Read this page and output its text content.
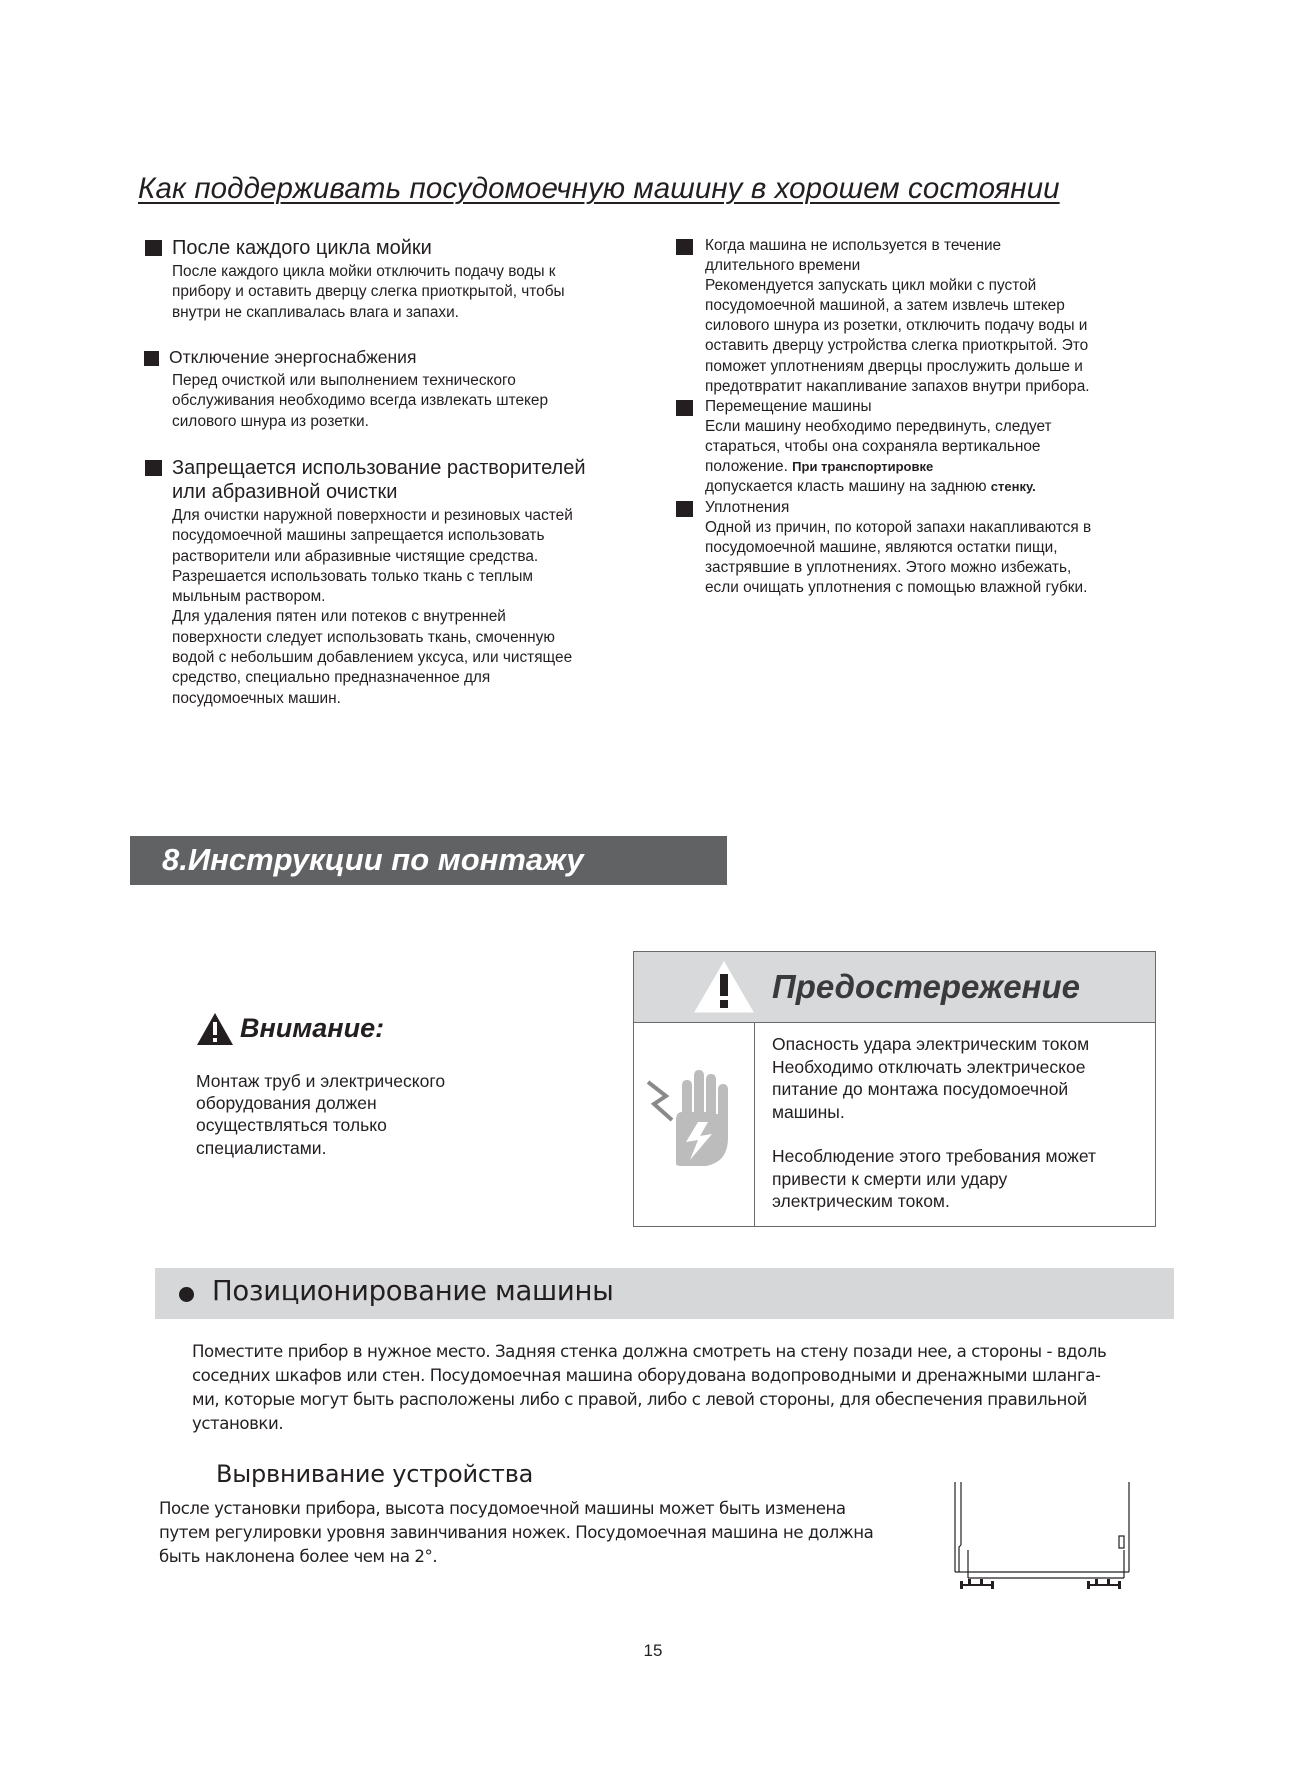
Как поддерживать посудомоечную машину в хорошем состоянии
После каждого цикла мойки

После каждого цикла мойки отключить подачу воды к

прибору и оставить дверцу слегка приоткрытой, чтобы

внутри не скапливалась влага и запахи.

Отключение энергоснабжения

Перед очисткой или выполнением технического

обслуживания необходимо всегда извлекать штекер

силового шнура из розетки.

Запрещается использование растворителей
или абразивной очистки

Для очистки наружной поверхности и резиновых частей

посудомоечной машины запрещается использовать

растворители или абразивные чистящие средства.

Разрешается использовать только ткань с теплым

мыльным раствором.

Для удаления пятен или потеков с внутренней

поверхности следует использовать ткань, смоченную

водой с небольшим добавлением уксуса, или чистящее

средство, специально предназначенное для

посудомоечных машин.

Когда машина не используется в течение

длительного времени

Рекомендуется запускать цикл мойки с пустой

посудомоечной машиной, а затем извлечь штекер

силового шнура из розетки, отключить подачу воды и

оставить дверцу устройства слегка приоткрытой. Это

поможет уплотнениям дверцы прослужить дольше и

предотвратит накапливание запахов внутри прибора.

Перемещение машины

Если машину необходимо передвинуть, следует

стараться, чтобы она сохраняла вертикальное

положение. При транспортировке

допускается класть машину на заднюю стенку.

Уплотнения

Одной из причин, по которой запахи накапливаются в

посудомоечной машине, являются остатки пищи,

застрявшие в уплотнениях. Этого можно избежать,

если очищать уплотнения с помощью влажной губки.

8.Инструкции по монтажу
Внимание:

Монтаж труб и электрического

оборудования должен

осуществляться только

специалистами.

Предостережение

Опасность удара электрическим током

Необходимо отключать электрическое

питание до монтажа посудомоечной

машины.

Несоблюдение этого требования может

привести к смерти или удару

электрическим током.

Позиционирование машины

Поместите прибор в нужное место. Задняя стенка должна смотреть на стену позади нее, а стороны - вдоль

соседних шкафов или стен. Посудомоечная машина оборудована водопроводными и дренажными шланга-

ми, которые могут быть расположены либо с правой, либо с левой стороны, для обеспечения правильной

установки.

Вырвнивание устройства

После установки прибора, высота посудомоечной машины может быть изменена

путем регулировки уровня завинчивания ножек. Посудомоечная машина не должна

быть наклонена более чем на 2°.

15
